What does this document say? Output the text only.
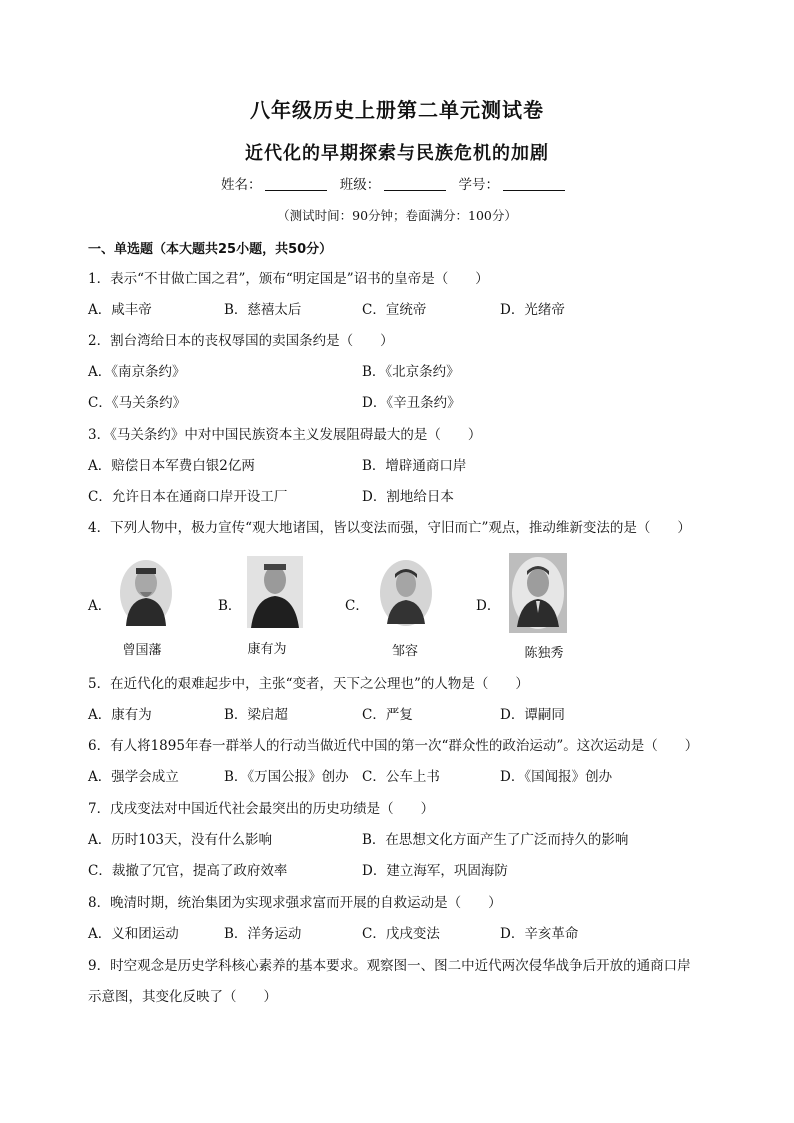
八年级历史上册第二单元测试卷
近代化的早期探索与民族危机的加剧
姓名：	班级：	学号：
（测试时间：90分钟；卷面满分：100分）
一、单选题（本大题共25小题，共50分）
1．表示“不甘做亡国之君”，颁布“明定国是”诏书的皇帝是（　　）
A．咸丰帝	B．慈禧太后	C．宣统帝	D．光绪帝
2．割台湾给日本的丧权辱国的卖国条约是（　　）
A．《南京条约》	B．《北京条约》
C．《马关条约》	D．《辛丑条约》
3．《马关条约》中对中国民族资本主义发展阻碍最大的是（　　）
A．赔偿日本军费白银2亿两	B．增辟通商口岸
C．允许日本在通商口岸开设工厂	D．割地给日本
4．下列人物中，极力宣传“观大地诸国，皆以变法而强，守旧而亡”观点，推动维新变法的是（　　）
A．	B．	C．	D．
曾国藩	康有为	邹容	陈独秀
5．在近代化的艰难起步中，主张“变者，天下之公理也”的人物是（　　）
A．康有为	B．梁启超	C．严复	D．谭嗣同
6．有人将1895年春一群举人的行动当做近代中国的第一次“群众性的政治运动”。这次运动是（　　）
A．强学会成立	B．《万国公报》创办 C．公车上书	D．《国闻报》创办
7．戊戌变法对中国近代社会最突出的历史功绩是（　　）
A．历时103天，没有什么影响	B．在思想文化方面产生了广泛而持久的影响
C．裁撤了冗官，提高了政府效率	D．建立海军，巩固海防
8．晚清时期，统治集团为实现求强求富而开展的自救运动是（　　）
A．义和团运动	B．洋务运动	C．戊戌变法	D．辛亥革命
9．时空观念是历史学科核心素养的基本要求。观察图一、图二中近代两次侵华战争后开放的通商口岸
示意图，其变化反映了（　　）
